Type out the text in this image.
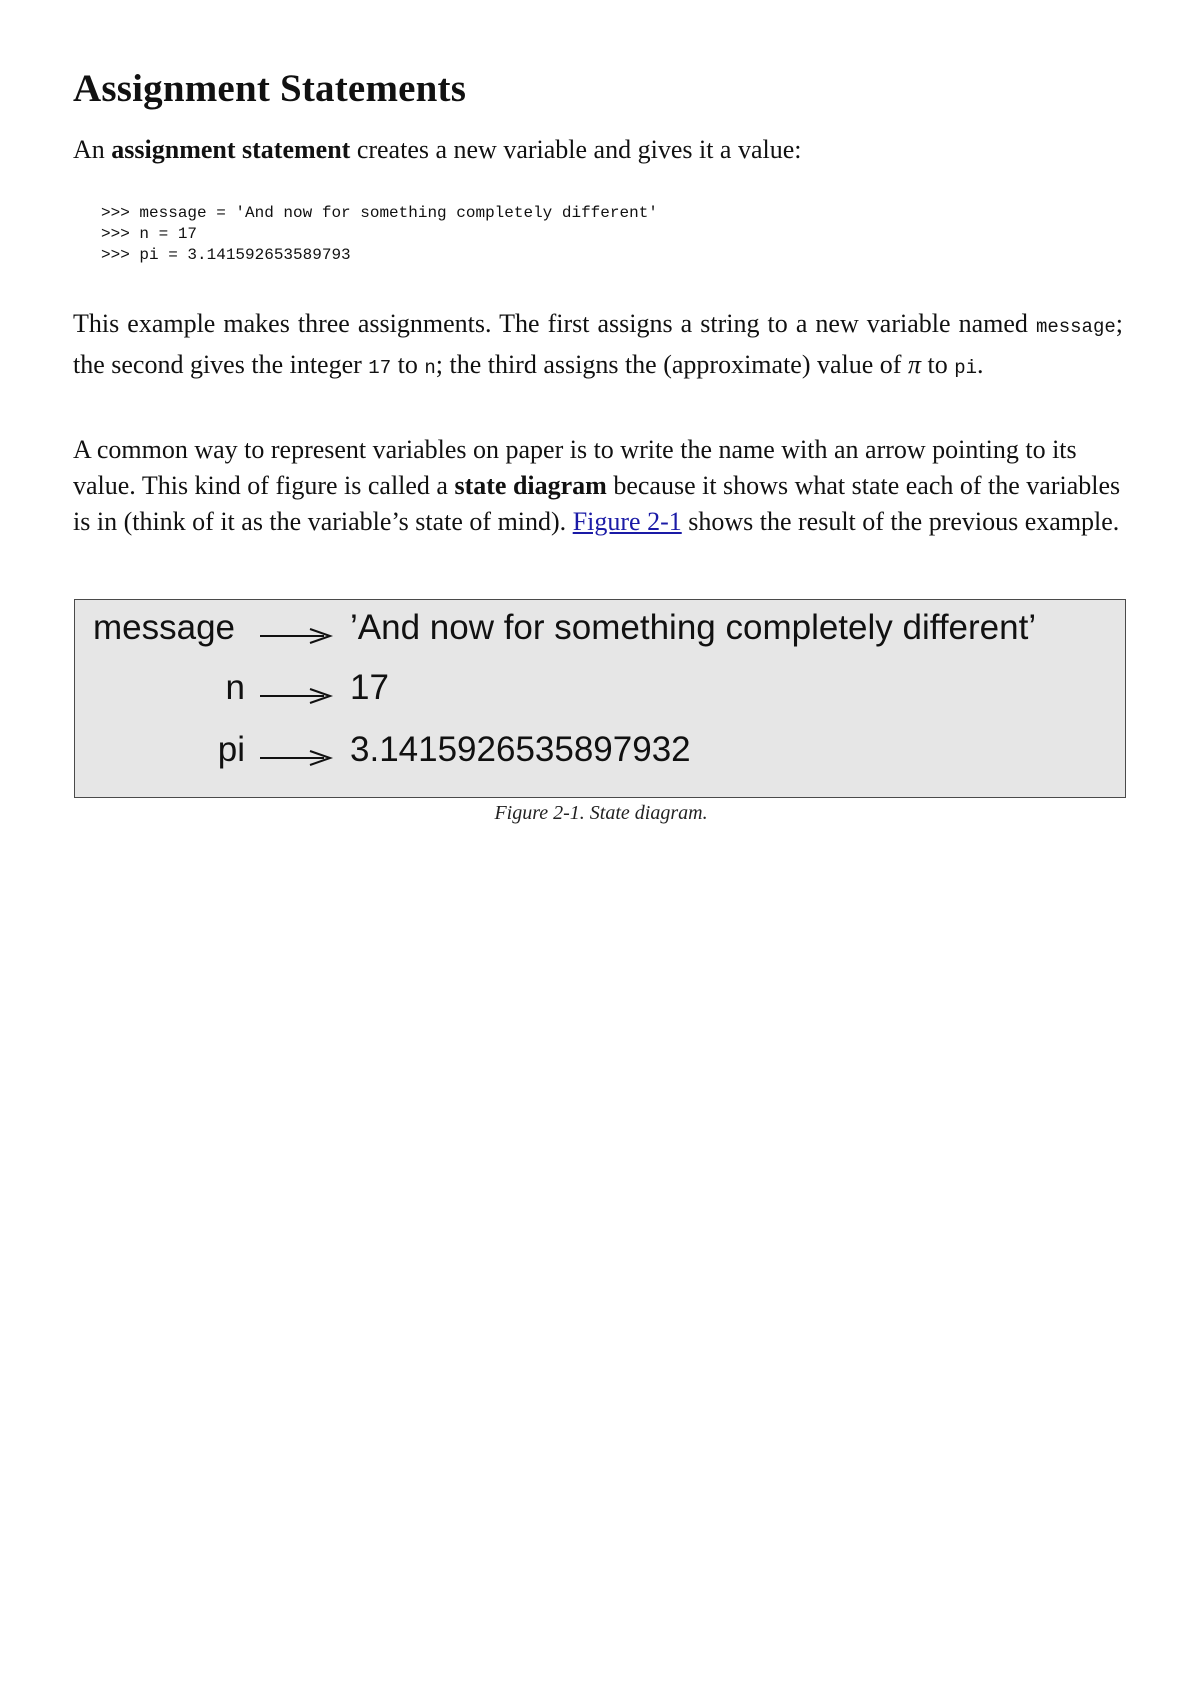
Assignment Statements

An assignment statement creates a new variable and gives it a value:

>>> message = 'And now for something completely different'
>>> n = 17
>>> pi = 3.141592653589793

This example makes three assignments. The first assigns a string to a new variable named message; the second gives the integer 17 to n; the third assigns the (approximate) value of π to pi.

A common way to represent variables on paper is to write the name with an arrow pointing to its value. This kind of figure is called a state diagram because it shows what state each of the variables is in (think of it as the variable’s state of mind). Figure 2-1 shows the result of the previous example.

message	’And now for something completely different’
n	17
pi	3.1415926535897932
Figure 2-1. State diagram.
